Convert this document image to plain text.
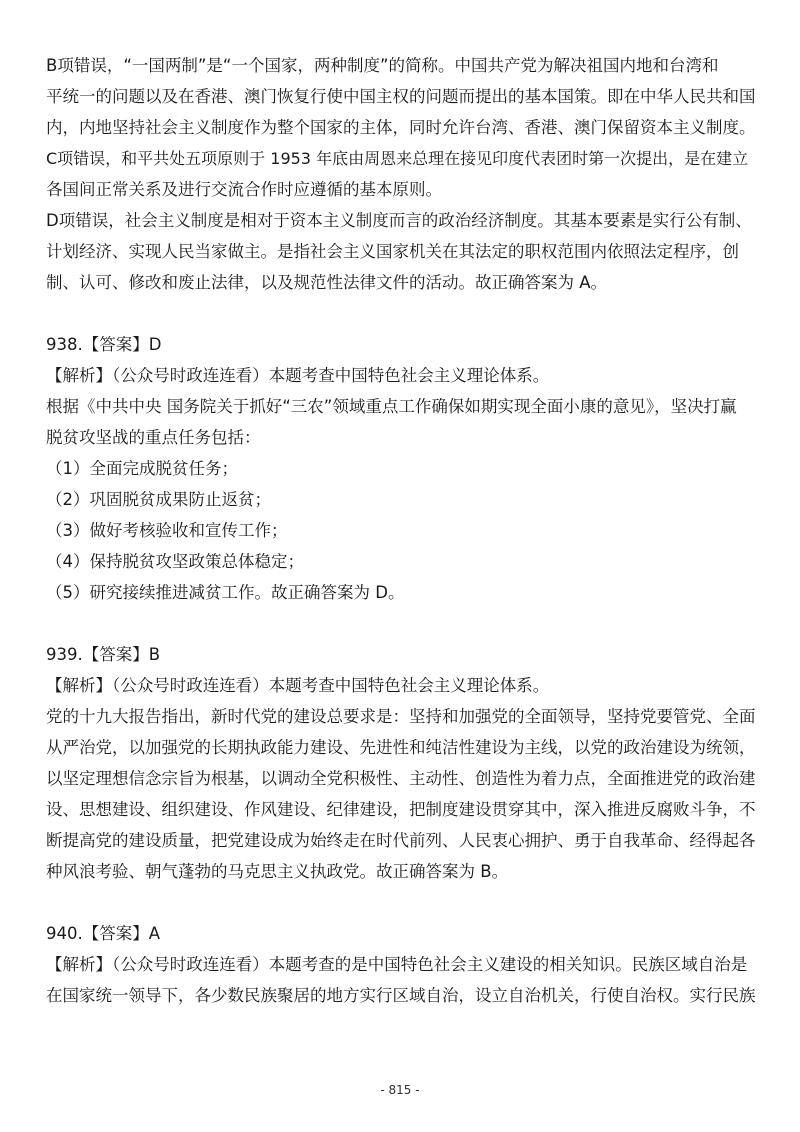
B项错误，“一国两制”是“一个国家，两种制度”的简称。中国共产党为解决祖国内地和台湾和
平统一的问题以及在香港、澳门恢复行使中国主权的问题而提出的基本国策。即在中华人民共和国
内，内地坚持社会主义制度作为整个国家的主体，同时允许台湾、香港、澳门保留资本主义制度。
C项错误，和平共处五项原则于 1953 年底由周恩来总理在接见印度代表团时第一次提出，是在建立
各国间正常关系及进行交流合作时应遵循的基本原则。
D项错误，社会主义制度是相对于资本主义制度而言的政治经济制度。其基本要素是实行公有制、
计划经济、实现人民当家做主。是指社会主义国家机关在其法定的职权范围内依照法定程序，创
制、认可、修改和废止法律，以及规范性法律文件的活动。故正确答案为 A。
938.【答案】D
【解析】（公众号时政连连看）本题考查中国特色社会主义理论体系。
根据《中共中央 国务院关于抓好“三农”领域重点工作确保如期实现全面小康的意见》，坚决打赢
脱贫攻坚战的重点任务包括：
（1）全面完成脱贫任务；
（2）巩固脱贫成果防止返贫；
（3）做好考核验收和宣传工作；
（4）保持脱贫攻坚政策总体稳定；
（5）研究接续推进减贫工作。故正确答案为 D。
939.【答案】B
【解析】（公众号时政连连看）本题考查中国特色社会主义理论体系。
党的十九大报告指出，新时代党的建设总要求是：坚持和加强党的全面领导，坚持党要管党、全面
从严治党，以加强党的长期执政能力建设、先进性和纯洁性建设为主线，以党的政治建设为统领，
以坚定理想信念宗旨为根基，以调动全党积极性、主动性、创造性为着力点，全面推进党的政治建
设、思想建设、组织建设、作风建设、纪律建设，把制度建设贯穿其中，深入推进反腐败斗争，不
断提高党的建设质量，把党建设成为始终走在时代前列、人民衷心拥护、勇于自我革命、经得起各
种风浪考验、朝气蓬勃的马克思主义执政党。故正确答案为 B。
940.【答案】A
【解析】（公众号时政连连看）本题考查的是中国特色社会主义建设的相关知识。民族区域自治是
在国家统一领导下，各少数民族聚居的地方实行区域自治，设立自治机关，行使自治权。实行民族
- 815 -
